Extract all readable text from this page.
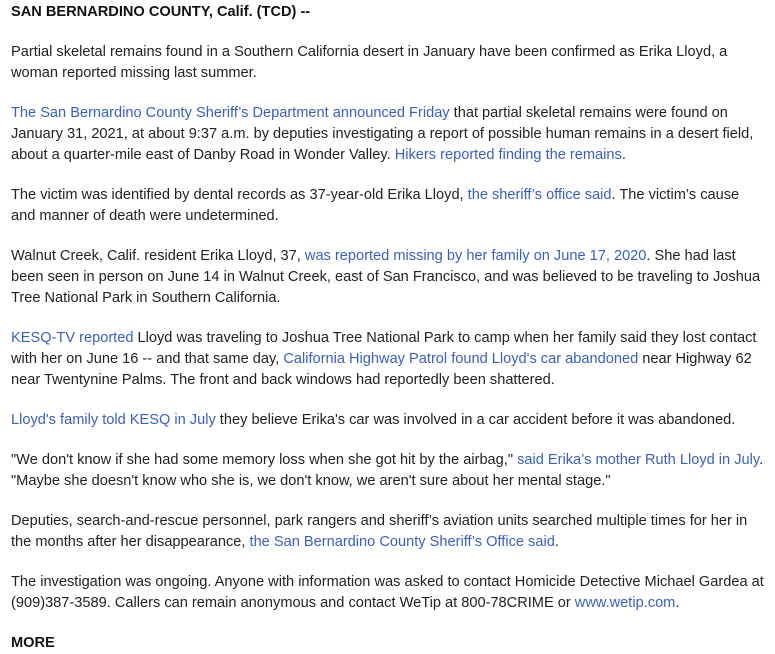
SAN BERNARDINO COUNTY, Calif. (TCD) --

Partial skeletal remains found in a Southern California desert in January have been confirmed as Erika Lloyd, a woman reported missing last summer.

The San Bernardino County Sheriff’s Department announced Friday that partial skeletal remains were found on January 31, 2021, at about 9:37 a.m. by deputies investigating a report of possible human remains in a desert field, about a quarter-mile east of Danby Road in Wonder Valley. Hikers reported finding the remains.

The victim was identified by dental records as 37-year-old Erika Lloyd, the sheriff’s office said. The victim’s cause and manner of death were undetermined.

Walnut Creek, Calif. resident Erika Lloyd, 37, was reported missing by her family on June 17, 2020. She had last been seen in person on June 14 in Walnut Creek, east of San Francisco, and was believed to be traveling to Joshua Tree National Park in Southern California.

KESQ-TV reported Lloyd was traveling to Joshua Tree National Park to camp when her family said they lost contact with her on June 16 -- and that same day, California Highway Patrol found Lloyd's car abandoned near Highway 62 near Twentynine Palms. The front and back windows had reportedly been shattered.

Lloyd's family told KESQ in July they believe Erika's car was involved in a car accident before it was abandoned.

"We don't know if she had some memory loss when she got hit by the airbag," said Erika’s mother Ruth Lloyd in July. "Maybe she doesn't know who she is, we don't know, we aren't sure about her mental stage."

Deputies, search-and-rescue personnel, park rangers and sheriff’s aviation units searched multiple times for her in the months after her disappearance, the San Bernardino County Sheriff’s Office said.

The investigation was ongoing. Anyone with information was asked to contact Homicide Detective Michael Gardea at (909)387-3589. Callers can remain anonymous and contact WeTip at 800-78CRIME or www.wetip.com.

MORE
